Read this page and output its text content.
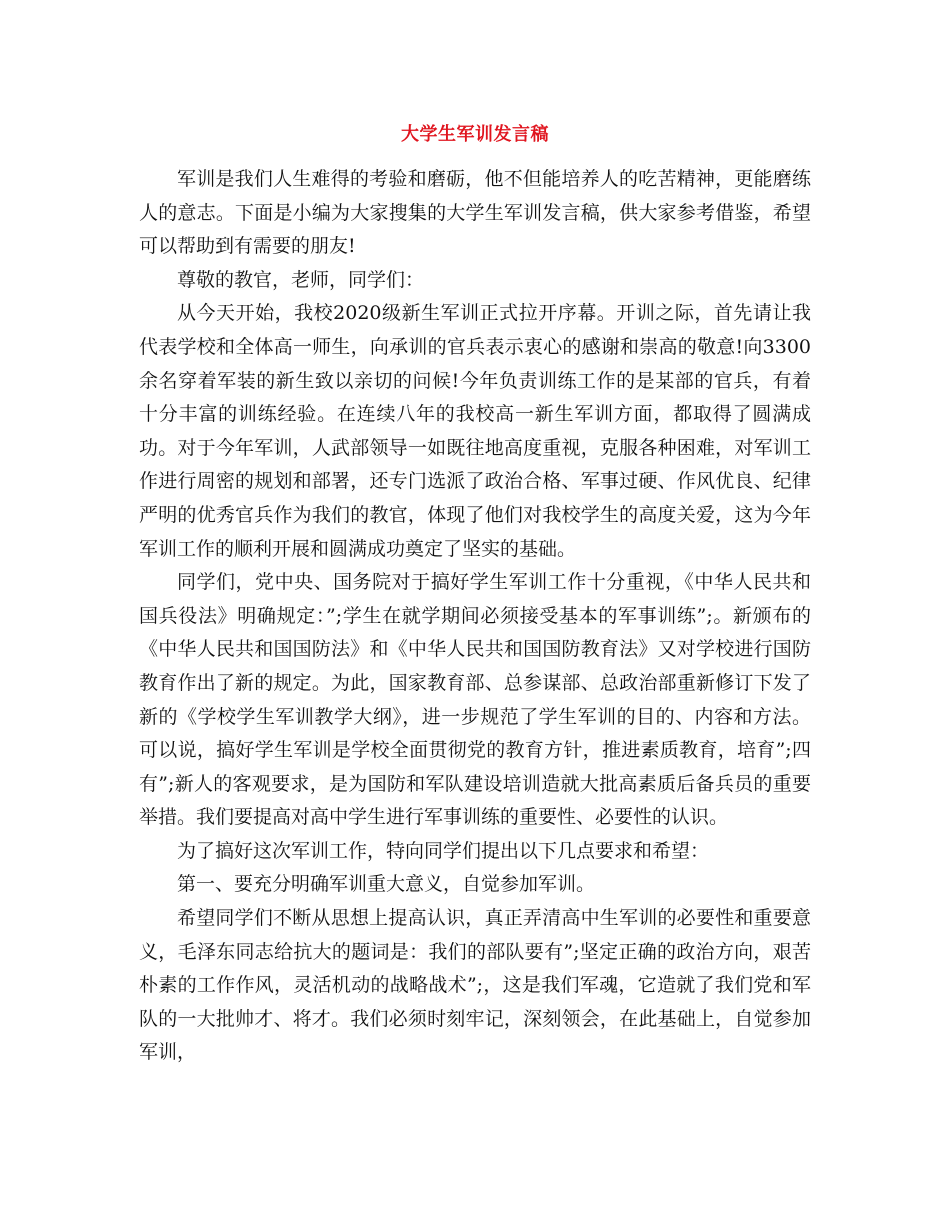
大学生军训发言稿

军训是我们人生难得的考验和磨砺，他不但能培养人的吃苦精神，更能磨练人的意志。下面是小编为大家搜集的大学生军训发言稿，供大家参考借鉴，希望可以帮助到有需要的朋友!

尊敬的教官，老师，同学们：

从今天开始，我校2020级新生军训正式拉开序幕。开训之际，首先请让我代表学校和全体高一师生，向承训的官兵表示衷心的感谢和崇高的敬意!向3300余名穿着军装的新生致以亲切的问候!今年负责训练工作的是某部的官兵，有着十分丰富的训练经验。在连续八年的我校高一新生军训方面，都取得了圆满成功。对于今年军训，人武部领导一如既往地高度重视，克服各种困难，对军训工作进行周密的规划和部署，还专门选派了政治合格、军事过硬、作风优良、纪律严明的优秀官兵作为我们的教官，体现了他们对我校学生的高度关爱，这为今年军训工作的顺利开展和圆满成功奠定了坚实的基础。

同学们，党中央、国务院对于搞好学生军训工作十分重视，《中华人民共和国兵役法》明确规定：”;学生在就学期间必须接受基本的军事训练”;。新颁布的《中华人民共和国国防法》和《中华人民共和国国防教育法》又对学校进行国防教育作出了新的规定。为此，国家教育部、总参谋部、总政治部重新修订下发了新的《学校学生军训教学大纲》，进一步规范了学生军训的目的、内容和方法。可以说，搞好学生军训是学校全面贯彻党的教育方针，推进素质教育，培育”;四有”;新人的客观要求，是为国防和军队建设培训造就大批高素质后备兵员的重要举措。我们要提高对高中学生进行军事训练的重要性、必要性的认识。

为了搞好这次军训工作，特向同学们提出以下几点要求和希望：

第一、要充分明确军训重大意义，自觉参加军训。

希望同学们不断从思想上提高认识，真正弄清高中生军训的必要性和重要意义，毛泽东同志给抗大的题词是：我们的部队要有”;坚定正确的政治方向，艰苦朴素的工作作风，灵活机动的战略战术”;，这是我们军魂，它造就了我们党和军队的一大批帅才、将才。我们必须时刻牢记，深刻领会，在此基础上，自觉参加军训，
